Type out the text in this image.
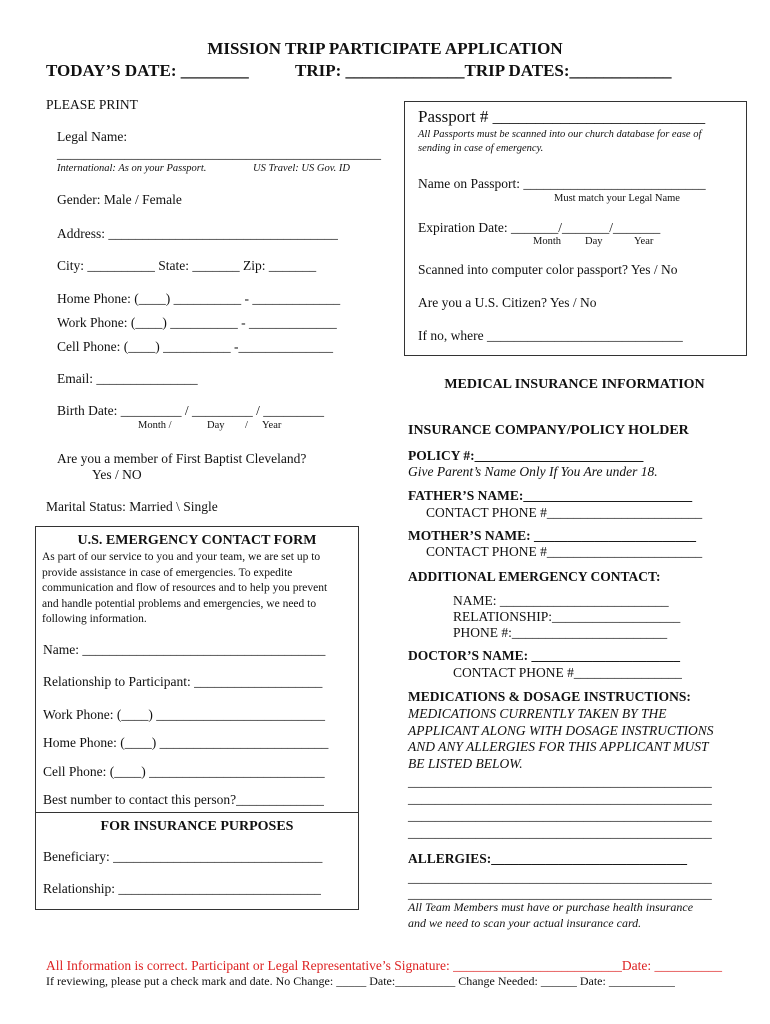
MISSION TRIP PARTICIPATE APPLICATION
TODAY’S DATE: ________	TRIP: ______________TRIP DATES:____________
PLEASE PRINT
Legal Name:
________________________________________________
International: As on your Passport.	US Travel: US Gov. ID
Gender: Male / Female
Address: __________________________________
City: __________ State: _______ Zip: _______
Home Phone: (____) __________ - _____________
Work Phone: (____) __________ - _____________
Cell Phone: (____) __________ -______________
Email: _______________
Birth Date: _________ / _________ / _________
Month /	Day / Year
Are you a member of First Baptist Cleveland?
Yes / NO
Marital Status: Married \ Single
U.S. EMERGENCY CONTACT FORM
As part of our service to you and your team, we are set up to
provide assistance in case of emergencies. To expedite
communication and flow of resources and to help you prevent
and handle potential problems and emergencies, we need to
following information.
Name: ____________________________________
Relationship to Participant: ___________________
Work Phone: (____) _________________________
Home Phone: (____) _________________________
Cell Phone: (____) __________________________
Best number to contact this person?_____________
FOR INSURANCE PURPOSES
Beneficiary: _______________________________
Relationship: ______________________________
Passport # _________________________
All Passports must be scanned into our church database for ease of
sending in case of emergency.
Name on Passport: ___________________________
Must match your Legal Name
Expiration Date: _______/_______/_______
Month Day	Year
Scanned into computer color passport? Yes / No
Are you a U.S. Citizen? Yes / No
If no, where _____________________________
MEDICAL INSURANCE INFORMATION
INSURANCE COMPANY/POLICY HOLDER
POLICY #:_________________________
Give Parent’s Name Only If You Are under 18.
FATHER’S NAME:_________________________
CONTACT PHONE #_______________________
MOTHER’S NAME: ________________________
CONTACT PHONE #_______________________
ADDITIONAL EMERGENCY CONTACT:
NAME: _________________________
RELATIONSHIP:___________________
PHONE #:_______________________
DOCTOR’S NAME: ______________________
CONTACT PHONE #________________
MEDICATIONS & DOSAGE INSTRUCTIONS:
MEDICATIONS CURRENTLY TAKEN BY THE
APPLICANT ALONG WITH DOSAGE INSTRUCTIONS
AND ANY ALLERGIES FOR THIS APPLICANT MUST
BE LISTED BELOW.
_____________________________________________
_____________________________________________
_____________________________________________
_____________________________________________
ALLERGIES:_____________________________
_____________________________________________
_____________________________________________
All Team Members must have or purchase health insurance
and we need to scan your actual insurance card.
All Information is correct. Participant or Legal Representative’s Signature: _________________________Date: __________
If reviewing, please put a check mark and date. No Change: _____ Date:__________ Change Needed: ______ Date: ___________
